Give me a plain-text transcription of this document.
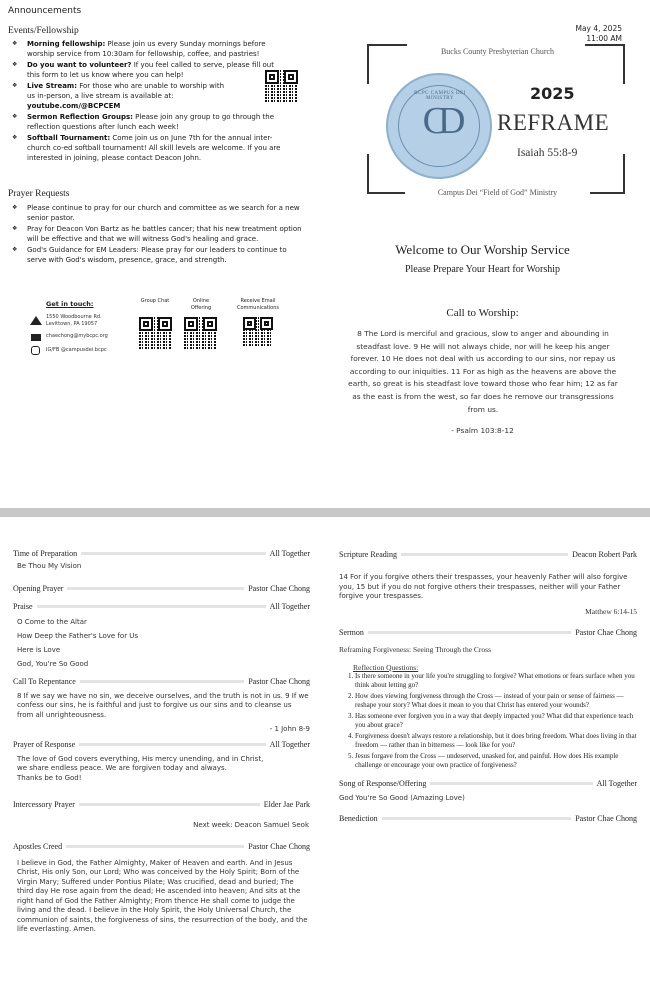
Announcements
May 4, 2025
11:00 AM
Events/Fellowship
❖ Morning fellowship: Please join us every Sunday mornings before worship service from 10:30am for fellowship, coffee, and pastries!
❖ Do you want to volunteer? If you feel called to serve, please fill out this form to let us know where you can help!
❖ Live Stream: For those who are unable to worship with us in-person, a live stream is available at:
youtube.com/@BCPCEM
❖ Sermon Reflection Groups: Please join any group to go through the reflection questions after lunch each week!
❖ Softball Tournament: Come join us on June 7th for the annual inter-church co-ed softball tournament! All skill levels are welcome. If you are interested in joining, please contact Deacon John.
Prayer Requests
❖ Please continue to pray for our church and committee as we search for a new senior pastor.
❖ Pray for Deacon Von Bartz as he battles cancer; that his new treatment option will be effective and that we will witness God's healing and grace.
❖ God's Guidance for EM Leaders: Please pray for our leaders to continue to serve with God's wisdom, presence, grace, and strength.
Get in touch:
1550 Woodbourne Rd.
Levittown, PA 19057
chaechong@mybcpc.org
IG/FB @campusdei.bcpc
Group Chat	Online Offering
Receive Email Communications
Bucks County Presbyterian Church
BCPC CAMPUS DEI MINISTRY
CD
2025
REFRAME
Isaiah 55:8-9
Campus Dei “Field of God” Ministry
Welcome to Our Worship Service
Please Prepare Your Heart for Worship
Call to Worship:
8 The Lord is merciful and gracious, slow to anger and abounding in steadfast love. 9 He will not always chide, nor will he keep his anger forever. 10 He does not deal with us according to our sins, nor repay us according to our iniquities. 11 For as high as the heavens are above the earth, so great is his steadfast love toward those who fear him; 12 as far as the east is from the west, so far does he remove our transgressions from us.
- Psalm 103:8-12
Time of Preparation	All Together
Be Thou My Vision
Opening Prayer	Pastor Chae Chong
Praise	All Together
O Come to the Altar
How Deep the Father's Love for Us
Here is Love
God, You're So Good
Call To Repentance	Pastor Chae Chong
8 If we say we have no sin, we deceive ourselves, and the truth is not in us. 9 If we confess our sins, he is faithful and just to forgive us our sins and to cleanse us from all unrighteousness.
- 1 John 8-9
Prayer of Response	All Together
The love of God covers everything, His mercy unending, and in Christ,
we share endless peace. We are forgiven today and always.
Thanks be to God!
Intercessory Prayer	Elder Jae Park
Next week: Deacon Samuel Seok
Apostles Creed	Pastor Chae Chong
I believe in God, the Father Almighty, Maker of Heaven and earth. And in Jesus Christ, His only Son, our Lord; Who was conceived by the Holy Spirit; Born of the Virgin Mary; Suffered under Pontius Pilate; Was crucified, dead and buried; The third day He rose again from the dead; He ascended into heaven; And sits at the right hand of God the Father Almighty; From thence He shall come to judge the living and the dead. I believe in the Holy Spirit, the Holy Universal Church, the communion of saints, the forgiveness of sins, the resurrection of the body, and the life everlasting. Amen.
Scripture Reading	Deacon Robert Park
14 For if you forgive others their trespasses, your heavenly Father will also forgive you, 15 but if you do not forgive others their trespasses, neither will your Father forgive your trespasses.
Matthew 6:14-15
Sermon	Pastor Chae Chong
Reframing Forgiveness: Seeing Through the Cross
Reflection Questions:
1. Is there someone in your life you're struggling to forgive? What emotions or fears surface when you think about letting go?
2. How does viewing forgiveness through the Cross — instead of your pain or sense of fairness — reshape your story? What does it mean to you that Christ has entered your wounds?
3. Has someone ever forgiven you in a way that deeply impacted you? What did that experience teach you about grace?
4. Forgiveness doesn't always restore a relationship, but it does bring freedom. What does living in that freedom — rather than in bitterness — look like for you?
5. Jesus forgave from the Cross — undeserved, unasked for, and painful. How does His example challenge or encourage your own practice of forgiveness?
Song of Response/Offering	All Together
God You're So Good (Amazing Love)
Benediction	Pastor Chae Chong
